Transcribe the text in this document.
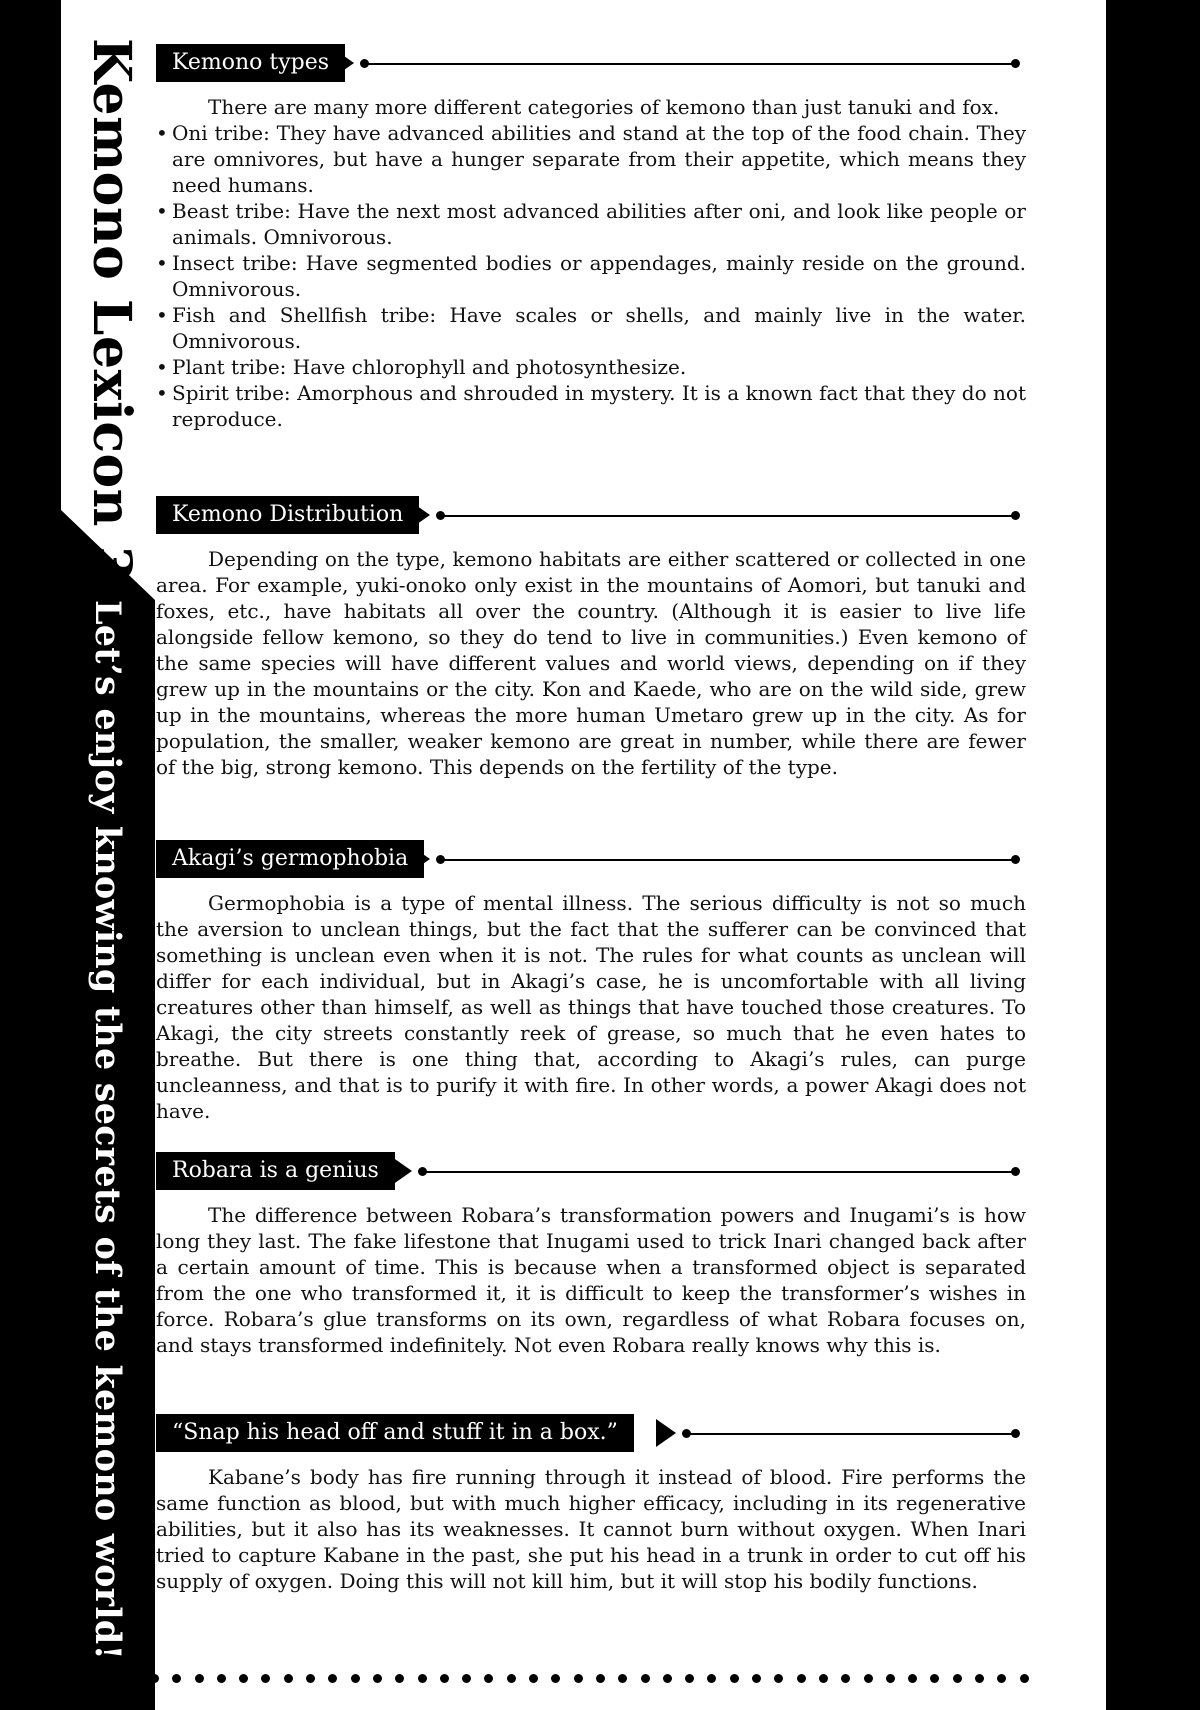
Kemono Lexicon 3
Let’s enjoy knowing the secrets of the kemono world!
Kemono types
There are many more different categories of kemono than just tanuki and fox.
• Oni tribe: They have advanced abilities and stand at the top of the food chain. They are omnivores, but have a hunger separate from their appetite, which means they need humans.
• Beast tribe: Have the next most advanced abilities after oni, and look like people or animals. Omnivorous.
• Insect tribe: Have segmented bodies or appendages, mainly reside on the ground. Omnivorous.
• Fish and Shellfish tribe: Have scales or shells, and mainly live in the water. Omnivorous.
• Plant tribe: Have chlorophyll and photosynthesize.
• Spirit tribe: Amorphous and shrouded in mystery. It is a known fact that they do not reproduce.
Kemono Distribution
Depending on the type, kemono habitats are either scattered or collected in one area. For example, yuki-onoko only exist in the mountains of Aomori, but tanuki and foxes, etc., have habitats all over the country. (Although it is easier to live life alongside fellow kemono, so they do tend to live in communities.) Even kemono of the same species will have different values and world views, depending on if they grew up in the mountains or the city. Kon and Kaede, who are on the wild side, grew up in the mountains, whereas the more human Umetaro grew up in the city. As for population, the smaller, weaker kemono are great in number, while there are fewer of the big, strong kemono. This depends on the fertility of the type.
Akagi’s germophobia
Germophobia is a type of mental illness. The serious difficulty is not so much the aversion to unclean things, but the fact that the sufferer can be convinced that something is unclean even when it is not. The rules for what counts as unclean will differ for each individual, but in Akagi’s case, he is uncomfortable with all living creatures other than himself, as well as things that have touched those creatures. To Akagi, the city streets constantly reek of grease, so much that he even hates to breathe. But there is one thing that, according to Akagi’s rules, can purge uncleanness, and that is to purify it with fire. In other words, a power Akagi does not have.
Robara is a genius
The difference between Robara’s transformation powers and Inugami’s is how long they last. The fake lifestone that Inugami used to trick Inari changed back after a certain amount of time. This is because when a transformed object is separated from the one who transformed it, it is difficult to keep the transformer’s wishes in force. Robara’s glue transforms on its own, regardless of what Robara focuses on, and stays transformed indefinitely. Not even Robara really knows why this is.
“Snap his head off and stuff it in a box.”
Kabane’s body has fire running through it instead of blood. Fire performs the same function as blood, but with much higher efficacy, including in its regenerative abilities, but it also has its weaknesses. It cannot burn without oxygen. When Inari tried to capture Kabane in the past, she put his head in a trunk in order to cut off his supply of oxygen. Doing this will not kill him, but it will stop his bodily functions.
